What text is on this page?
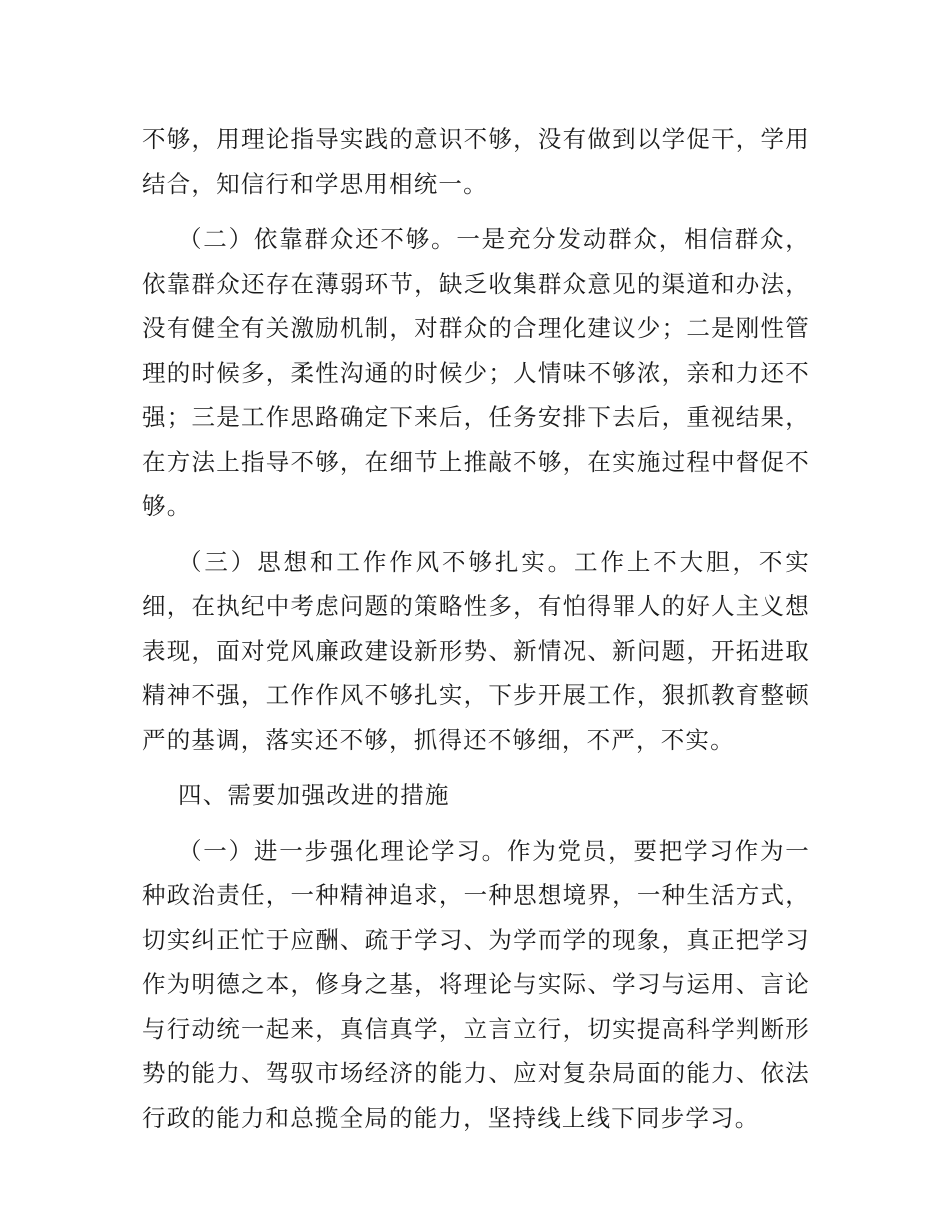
不够，用理论指导实践的意识不够，没有做到以学促干，学用结合，知信行和学思用相统一。

（二）依靠群众还不够。一是充分发动群众，相信群众，依靠群众还存在薄弱环节，缺乏收集群众意见的渠道和办法，没有健全有关激励机制，对群众的合理化建议少；二是刚性管理的时候多，柔性沟通的时候少；人情味不够浓，亲和力还不强；三是工作思路确定下来后，任务安排下去后，重视结果，在方法上指导不够，在细节上推敲不够，在实施过程中督促不够。

（三）思想和工作作风不够扎实。工作上不大胆，不实细，在执纪中考虑问题的策略性多，有怕得罪人的好人主义想表现，面对党风廉政建设新形势、新情况、新问题，开拓进取精神不强，工作作风不够扎实，下步开展工作，狠抓教育整顿严的基调，落实还不够，抓得还不够细，不严，不实。

四、需要加强改进的措施

（一）进一步强化理论学习。作为党员，要把学习作为一种政治责任，一种精神追求，一种思想境界，一种生活方式，切实纠正忙于应酬、疏于学习、为学而学的现象，真正把学习作为明德之本，修身之基，将理论与实际、学习与运用、言论与行动统一起来，真信真学，立言立行，切实提高科学判断形势的能力、驾驭市场经济的能力、应对复杂局面的能力、依法行政的能力和总揽全局的能力，坚持线上线下同步学习。
